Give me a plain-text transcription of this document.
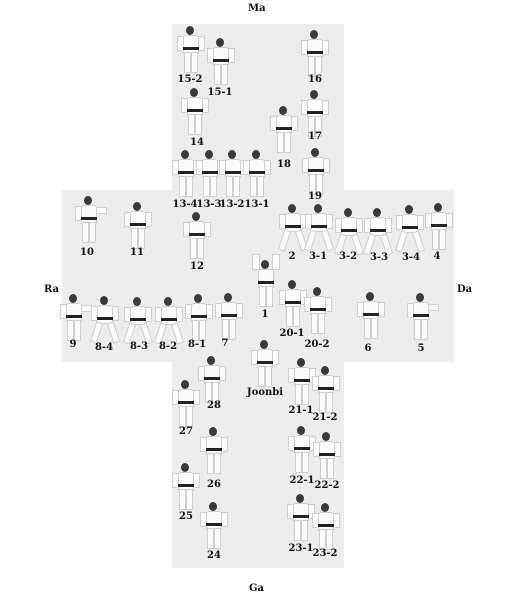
Ma
Ga
Ra	Da
15-2
15-1
16
14
17
18
13-4
13-3
13-2 13-1
19
10	11
12
2 3-1 3-2 3-3 3-4 4
9 8-4 8-3 8-2 8-1 7
1
20-1
20-2	6	5
Joonbi
21-1
21-2
28
27
26	22-1 22-2
25
24
23-1
23-2
